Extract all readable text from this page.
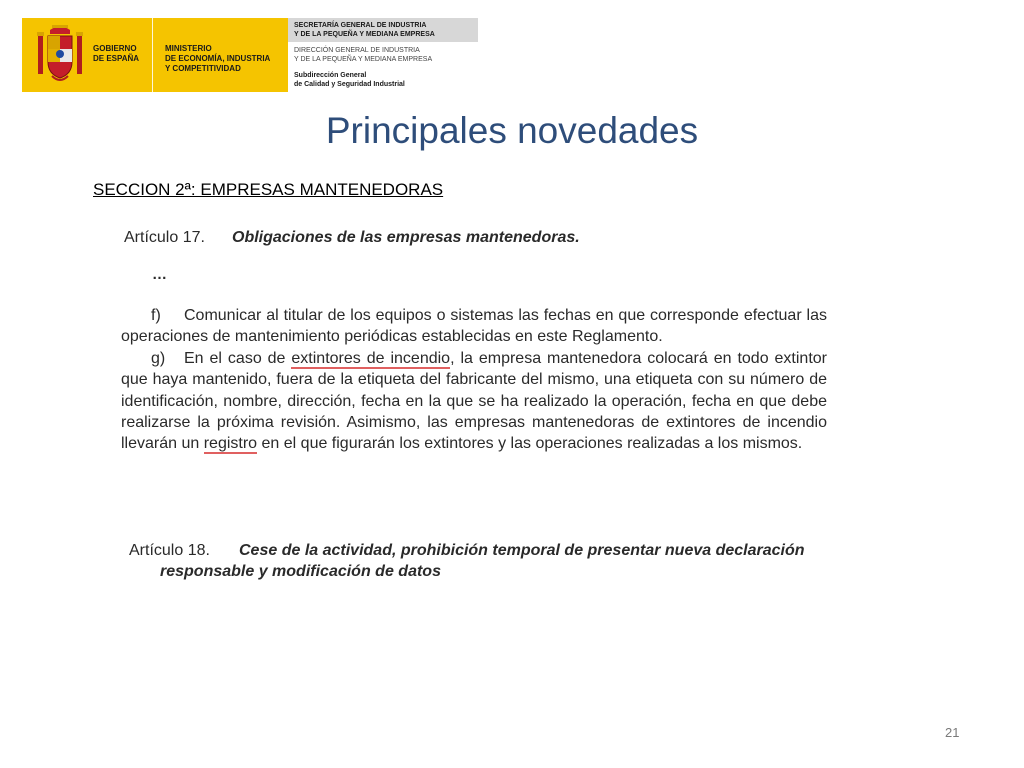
GOBIERNO
DE ESPAÑA
MINISTERIO
DE ECONOMÍA, INDUSTRIA
Y COMPETITIVIDAD
SECRETARÍA GENERAL DE INDUSTRIA
Y DE LA PEQUEÑA Y MEDIANA EMPRESA
DIRECCIÓN GENERAL DE INDUSTRIA
Y DE LA PEQUEÑA Y MEDIANA EMPRESA
Subdirección General
de Calidad y Seguridad Industrial
Principales novedades
SECCION 2ª: EMPRESAS MANTENEDORAS
Artículo 17. Obligaciones de las empresas mantenedoras.
…

f) Comunicar al titular de los equipos o sistemas las fechas en que corresponde efectuar las operaciones de mantenimiento periódicas establecidas en este Reglamento.

g) En el caso de extintores de incendio, la empresa mantenedora colocará en todo extintor que haya mantenido, fuera de la etiqueta del fabricante del mismo, una etiqueta con su número de identificación, nombre, dirección, fecha en la que se ha realizado la operación, fecha en que debe realizarse la próxima revisión. Asimismo, las empresas mantenedoras de extintores de incendio llevarán un registro en el que figurarán los extintores y las operaciones realizadas a los mismos.

Artículo 18. Cese de la actividad, prohibición temporal de presentar nueva declaración
responsable y modificación de datos
21
